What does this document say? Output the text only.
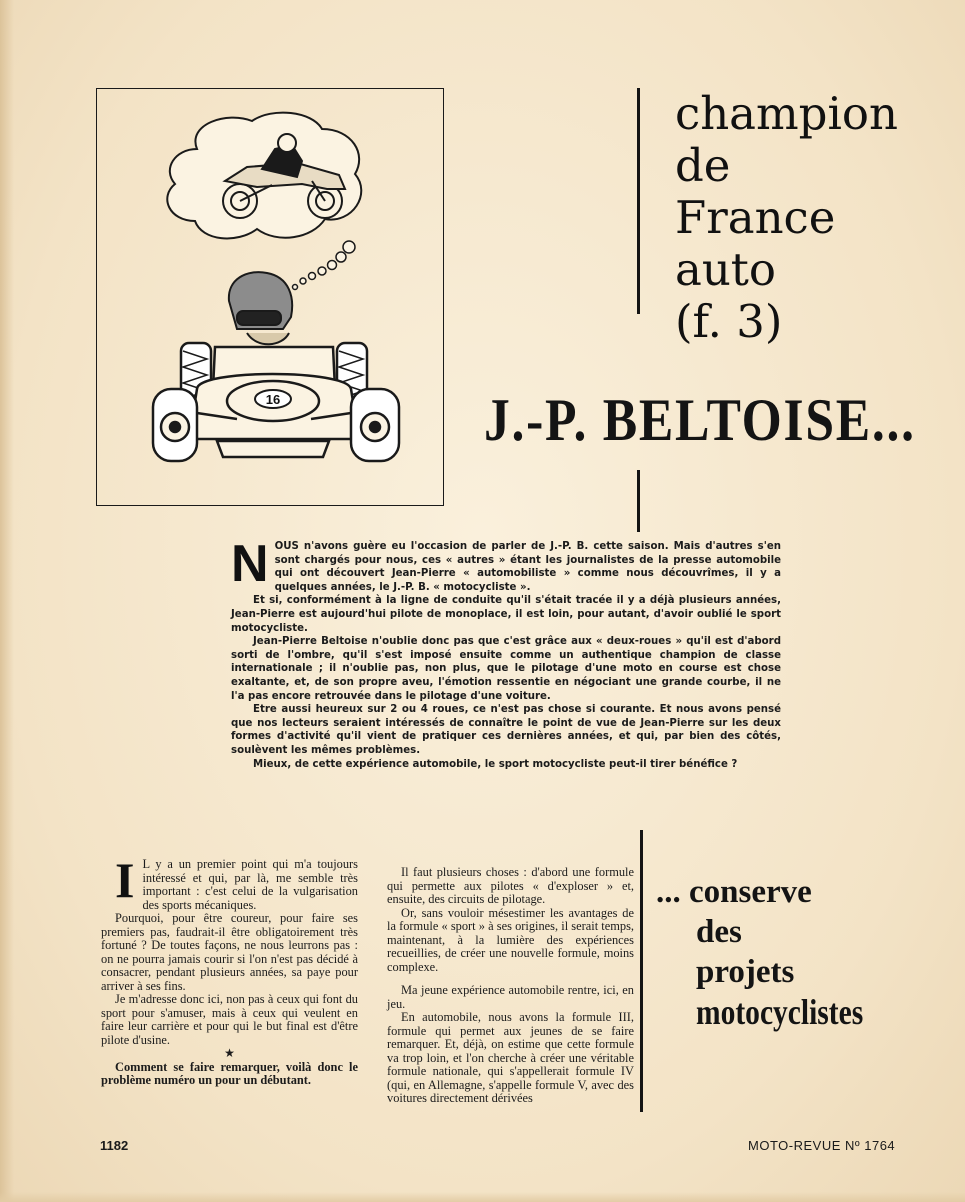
16
champion
de
France
auto
(f. 3)
J.-P. BELTOISE...
N OUS n'avons guère eu l'occasion de parler de J.-P. B. cette saison. Mais d'autres s'en sont chargés pour nous, ces « autres » étant les journalistes de la presse automobile qui ont découvert Jean-Pierre « automobiliste » comme nous découvrîmes, il y a quelques années, le J.-P. B. « motocycliste ».

Et si, conformément à la ligne de conduite qu'il s'était tracée il y a déjà plusieurs années, Jean-Pierre est aujourd'hui pilote de monoplace, il est loin, pour autant, d'avoir oublié le sport motocycliste.

Jean-Pierre Beltoise n'oublie donc pas que c'est grâce aux « deux-roues » qu'il est d'abord sorti de l'ombre, qu'il s'est imposé ensuite comme un authentique champion de classe internationale ; il n'oublie pas, non plus, que le pilotage d'une moto en course est chose exaltante, et, de son propre aveu, l'émotion ressentie en négociant une grande courbe, il ne l'a pas encore retrouvée dans le pilotage d'une voiture.

Etre aussi heureux sur 2 ou 4 roues, ce n'est pas chose si courante. Et nous avons pensé que nos lecteurs seraient intéressés de connaître le point de vue de Jean-Pierre sur les deux formes d'activité qu'il vient de pratiquer ces dernières années, et qui, par bien des côtés, soulèvent les mêmes problèmes.

Mieux, de cette expérience automobile, le sport motocycliste peut-il tirer bénéfice ?

I L y a un premier point qui m'a toujours intéressé et qui, par là, me semble très important : c'est celui de la vulgarisation des sports mécaniques.

Pourquoi, pour être coureur, pour faire ses premiers pas, faudrait-il être obligatoirement très fortuné ? De toutes façons, ne nous leurrons pas : on ne pourra jamais courir si l'on n'est pas décidé à consacrer, pendant plusieurs années, sa paye pour arriver à ses fins.

Je m'adresse donc ici, non pas à ceux qui font du sport pour s'amuser, mais à ceux qui veulent en faire leur carrière et pour qui le but final est d'être pilote d'usine.

★

Comment se faire remarquer, voilà donc le problème numéro un pour un débutant.

Il faut plusieurs choses : d'abord une formule qui permette aux pilotes « d'exploser » et, ensuite, des circuits de pilotage.

Or, sans vouloir mésestimer les avantages de la formule « sport » à ses origines, il serait temps, maintenant, à la lumière des expériences recueillies, de créer une nouvelle formule, moins complexe.

Ma jeune expérience automobile rentre, ici, en jeu.

En automobile, nous avons la formule III, formule qui permet aux jeunes de se faire remarquer. Et, déjà, on estime que cette formule va trop loin, et l'on cherche à créer une véritable formule nationale, qui s'appellerait formule IV (qui, en Allemagne, s'appelle formule V, avec des voitures directement dérivées

... conserve
des
projets
motocyclistes
1182	MOTO-REVUE Nº 1764
